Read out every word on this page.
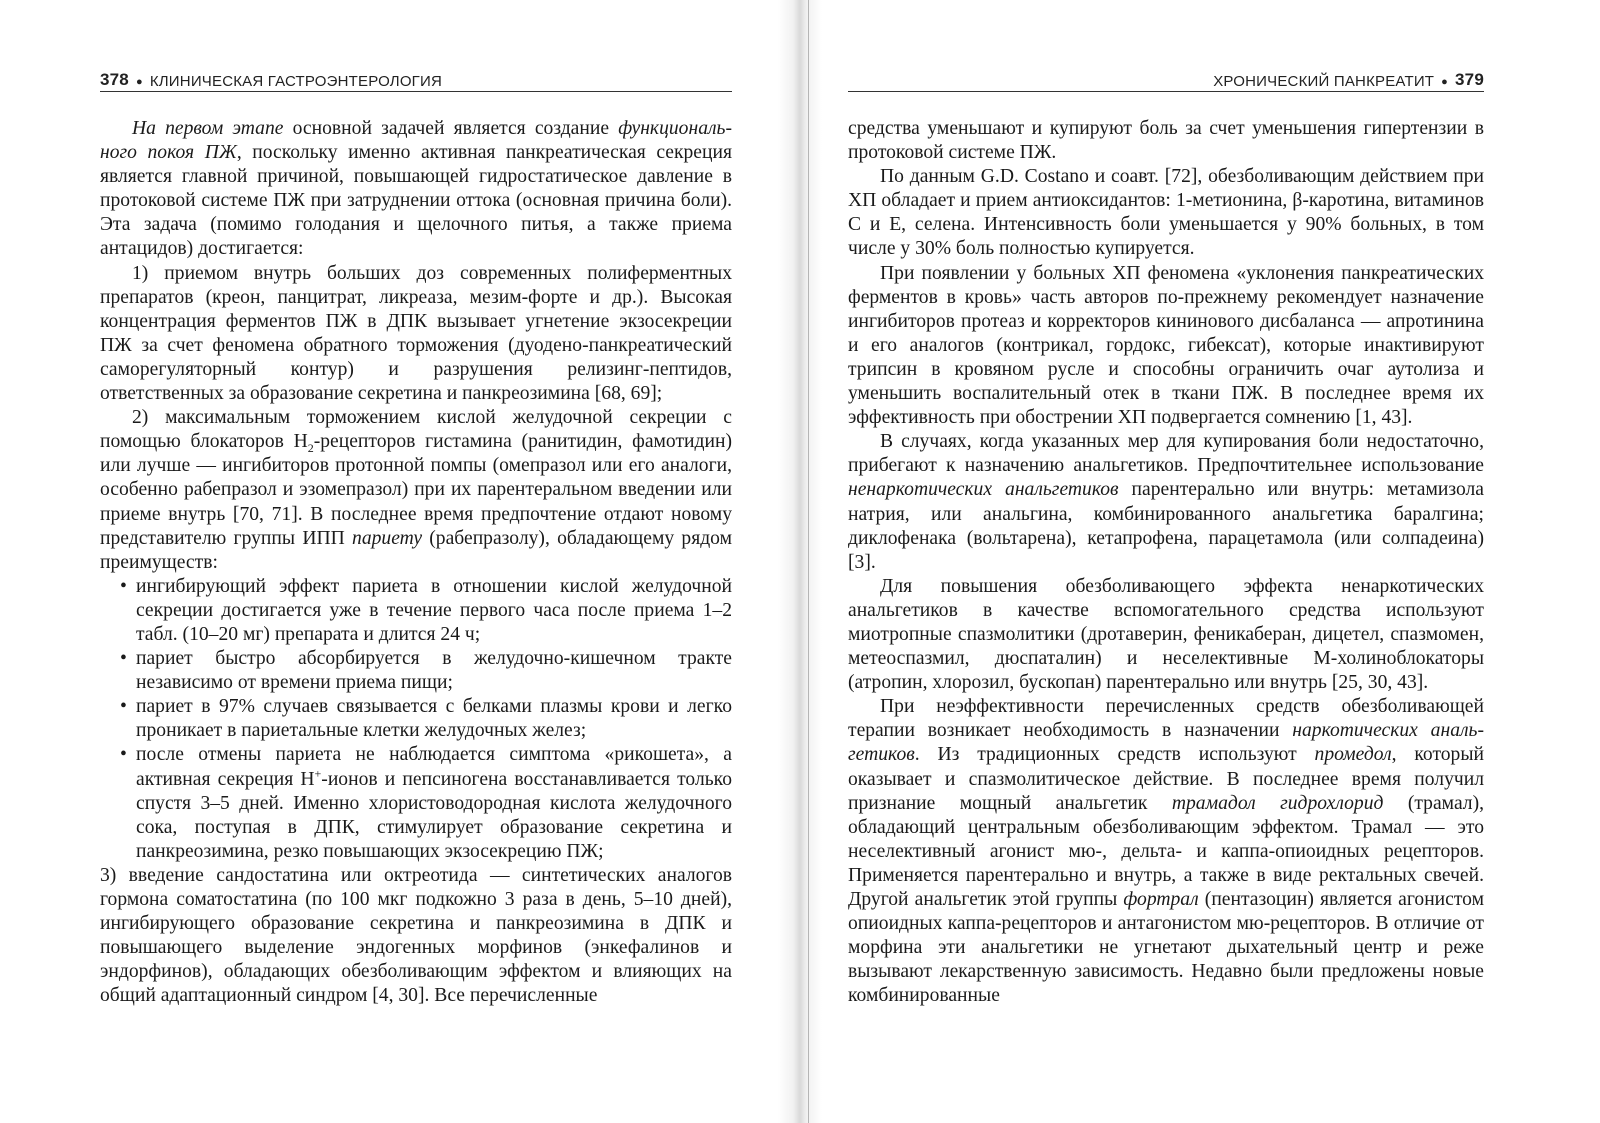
378 ● КЛИНИЧЕСКАЯ ГАСТРОЭНТЕРОЛОГИЯ

На первом этапе основной задачей является создание функционального покоя ПЖ, поскольку именно активная панкреатическая секреция является главной причиной, повышающей гидростатическое давление в протоковой системе ПЖ при затруднении оттока (основная причина боли). Эта задача (помимо голодания и щелочного питья, а также приема антацидов) достигается:

1) приемом внутрь больших доз современных полиферментных препаратов (креон, панцитрат, ликреаза, мезим-форте и др.). Высокая концентрация ферментов ПЖ в ДПК вызывает угнетение экзосекреции ПЖ за счет феномена обратного торможения (дуодено-панкреатический саморегуляторный контур) и разрушения релизинг-пептидов, ответственных за образование секретина и панкреозимина [68, 69];

2) максимальным торможением кислой желудочной секреции с помощью блокаторов $H_2$-рецепторов гистамина (ранитидин, фамотидин) или лучше — ингибиторов протонной помпы (омепразол или его аналоги, особенно рабепразол и эзомепразол) при их парентеральном введении или приеме внутрь [70, 71]. В последнее время предпочтение отдают новому представителю группы ИПП париету (рабепразолу), обладающему рядом преимуществ:

• ингибирующий эффект париета в отношении кислой желудочной секреции достигается уже в течение первого часа после приема 1–2 табл. (10–20 мг) препарата и длится 24 ч;
• париет быстро абсорбируется в желудочно-кишечном тракте независимо от времени приема пищи;
• париет в 97% случаев связывается с белками плазмы крови и легко проникает в париетальные клетки желудочных желез;
• после отмены париета не наблюдается симптома «рикошета», а активная секреция H+-ионов и пепсиногена восстанавливается только спустя 3–5 дней. Именно хлористоводородная кислота желудочного сока, поступая в ДПК, стимулирует образование секретина и панкреозимина, резко повышающих экзосекрецию ПЖ;

3) введение сандостатина или октреотида — синтетических аналогов гормона соматостатина (по 100 мкг подкожно 3 раза в день, 5–10 дней), ингибирующего образование секретина и панкреозимина в ДПК и повышающего выделение эндогенных морфинов (энкефалинов и эндорфинов), обладающих обезболивающим эффектом и влияющих на общий адаптационный синдром [4, 30]. Все перечисленные

ХРОНИЧЕСКИЙ ПАНКРЕАТИТ ● 379

средства уменьшают и купируют боль за счет уменьшения гипертензии в протоковой системе ПЖ.

По данным G.D. Costano и соавт. [72], обезболивающим действием при ХП обладает и прием антиоксидантов: 1-метионина, β-каротина, витаминов С и Е, селена. Интенсивность боли уменьшается у 90% больных, в том числе у 30% боль полностью купируется.

При появлении у больных ХП феномена «уклонения панкреатических ферментов в кровь» часть авторов по-прежнему рекомендует назначение ингибиторов протеаз и корректоров кининового дисбаланса — апротинина и его аналогов (контрикал, гордокс, гибексат), которые инактивируют трипсин в кровяном русле и способны ограничить очаг аутолиза и уменьшить воспалительный отек в ткани ПЖ. В последнее время их эффективность при обострении ХП подвергается сомнению [1, 43].

В случаях, когда указанных мер для купирования боли недостаточно, прибегают к назначению анальгетиков. Предпочтительнее использование ненаркотических анальгетиков парентерально или внутрь: метамизола натрия, или анальгина, комбинированного анальгетика баралгина; диклофенака (вольтарена), кетапрофена, парацетамола (или солпадеина) [3].

Для повышения обезболивающего эффекта ненаркотических анальгетиков в качестве вспомогательного средства используют миотропные спазмолитики (дротаверин, феникаберан, дицетел, спазмомен, метеоспазмил, дюспаталин) и неселективные М-холиноблокаторы (атропин, хлорозил, бускопан) парентерально или внутрь [25, 30, 43].

При неэффективности перечисленных средств обезболивающей терапии возникает необходимость в назначении наркотических анальгетиков. Из традиционных средств используют промедол, который оказывает и спазмолитическое действие. В последнее время получил признание мощный анальгетик трамадол гидрохлорид (трамал), обладающий центральным обезболивающим эффектом. Трамал — это неселективный агонист мю-, дельта- и каппа-опиоидных рецепторов. Применяется парентерально и внутрь, а также в виде ректальных свечей. Другой анальгетик этой группы фортрал (пентазоцин) является агонистом опиоидных каппа-рецепторов и антагонистом мю-рецепторов. В отличие от морфина эти анальгетики не угнетают дыхательный центр и реже вызывают лекарственную зависимость. Недавно были предложены новые комбинированные
